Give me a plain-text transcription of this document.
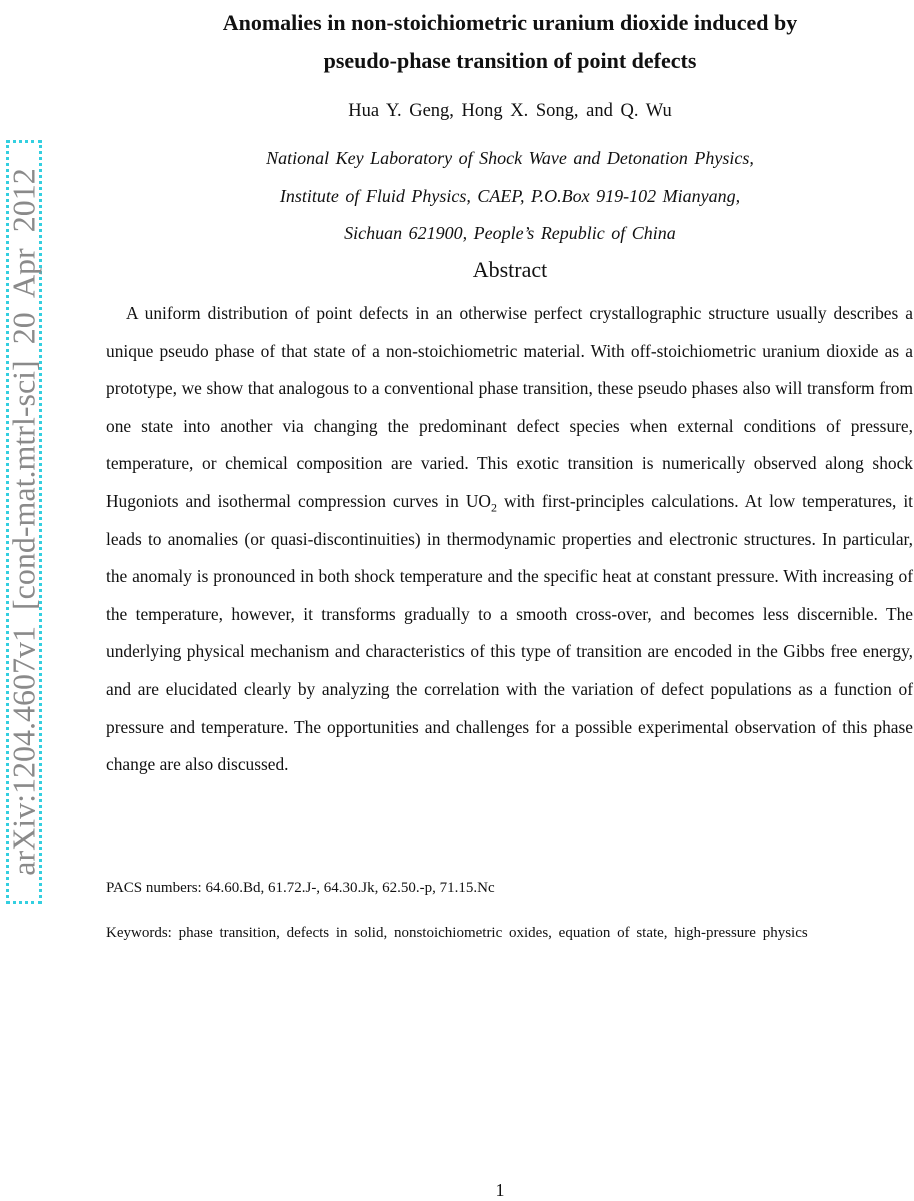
arXiv:1204.4607v1 [cond-mat.mtrl-sci] 20 Apr 2012
Anomalies in non-stoichiometric uranium dioxide induced by
pseudo-phase transition of point defects
Hua Y. Geng, Hong X. Song, and Q. Wu
National Key Laboratory of Shock Wave and Detonation Physics,
Institute of Fluid Physics, CAEP, P.O.Box 919-102 Mianyang,
Sichuan 621900, People’s Republic of China
Abstract

A uniform distribution of point defects in an otherwise perfect crystallographic structure usually describes a unique pseudo phase of that state of a non-stoichiometric material. With off-stoichiometric uranium dioxide as a prototype, we show that analogous to a conventional phase transition, these pseudo phases also will transform from one state into another via changing the predominant defect species when external conditions of pressure, temperature, or chemical composition are varied. This exotic transition is numerically observed along shock Hugoniots and isothermal compression curves in $UO_2$ with first-principles calculations. At low temperatures, it leads to anomalies (or quasi-discontinuities) in thermodynamic properties and electronic structures. In particular, the anomaly is pronounced in both shock temperature and the specific heat at constant pressure. With increasing of the temperature, however, it transforms gradually to a smooth cross-over, and becomes less discernible. The underlying physical mechanism and characteristics of this type of transition are encoded in the Gibbs free energy, and are elucidated clearly by analyzing the correlation with the variation of defect populations as a function of pressure and temperature. The opportunities and challenges for a possible experimental observation of this phase change are also discussed.

PACS numbers: 64.60.Bd, 61.72.J-, 64.30.Jk, 62.50.-p, 71.15.Nc
Keywords: phase transition, defects in solid, nonstoichiometric oxides, equation of state, high-pressure physics
1
